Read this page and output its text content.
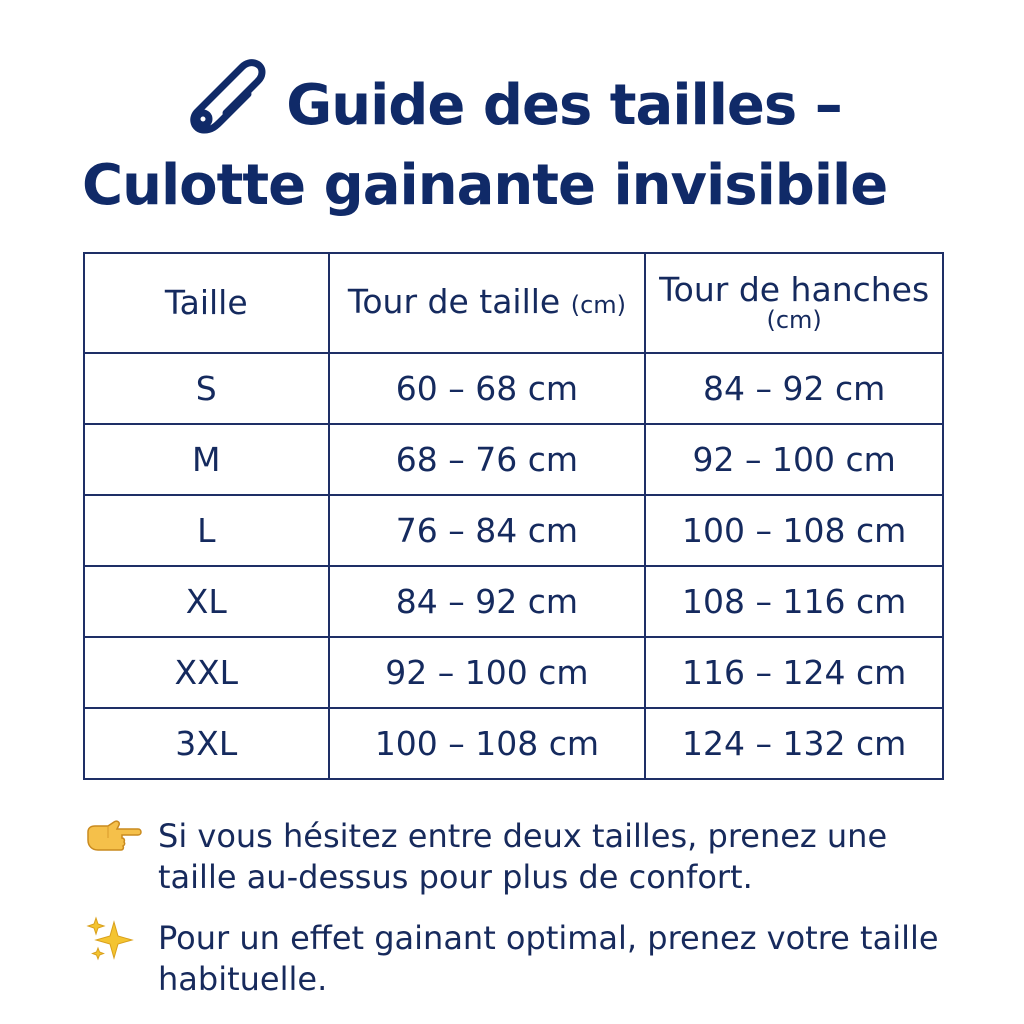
Guide des tailles –
Culotte gainante invisibile
Taille	Tour de taille (cm)	Tour de hanches
(cm)

S	60 – 68 cm	84 – 92 cm
M	68 – 76 cm	92 – 100 cm
L	76 – 84 cm	100 – 108 cm
XL	84 – 92 cm	108 – 116 cm
XXL	92 – 100 cm	116 – 124 cm
3XL	100 – 108 cm	124 – 132 cm
Si vous hésitez entre deux tailles, prenez une taille au-dessus pour plus de confort.
Pour un effet gainant optimal, prenez votre taille habituelle.
